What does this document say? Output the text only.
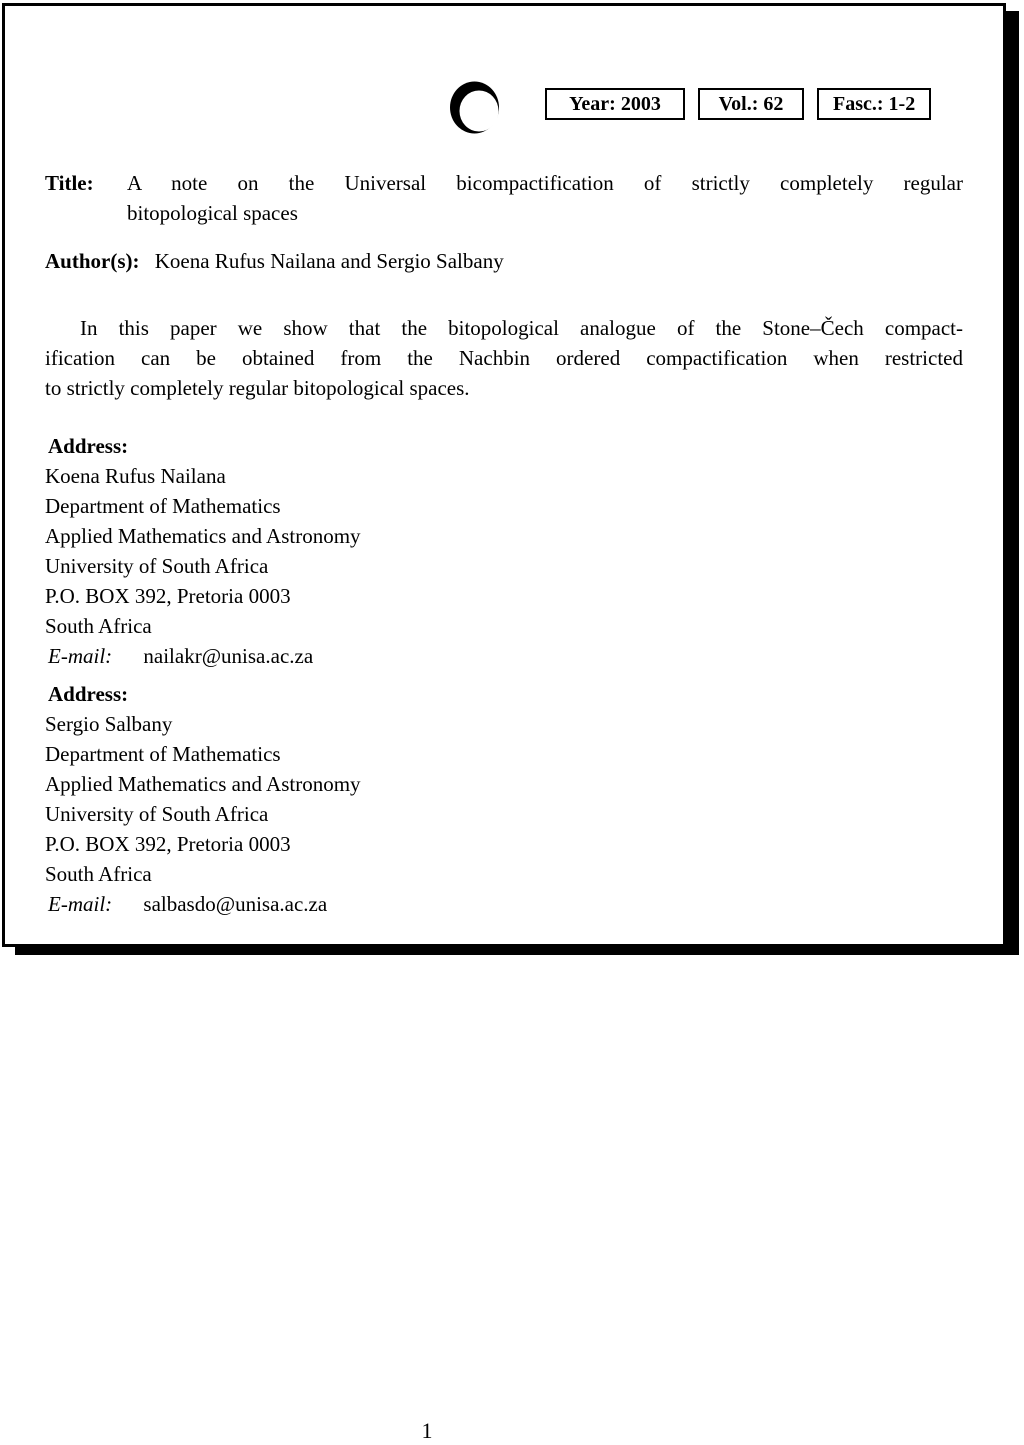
Year: 2003	Vol.: 62 Fasc.: 1-2
Title: A note on the Universal bicompactification of strictly completely regular
bitopological spaces
Author(s): Koena Rufus Nailana and Sergio Salbany
In this paper we show that the bitopological analogue of the Stone–Čech compact-
ification can be obtained from the Nachbin ordered compactification when restricted
to strictly completely regular bitopological spaces.
Address:
Koena Rufus Nailana
Department of Mathematics
Applied Mathematics and Astronomy
University of South Africa
P.O. BOX 392, Pretoria 0003
South Africa
E-mail: nailakr@unisa.ac.za
Address:
Sergio Salbany
Department of Mathematics
Applied Mathematics and Astronomy
University of South Africa
P.O. BOX 392, Pretoria 0003
South Africa
E-mail: salbasdo@unisa.ac.za
1
